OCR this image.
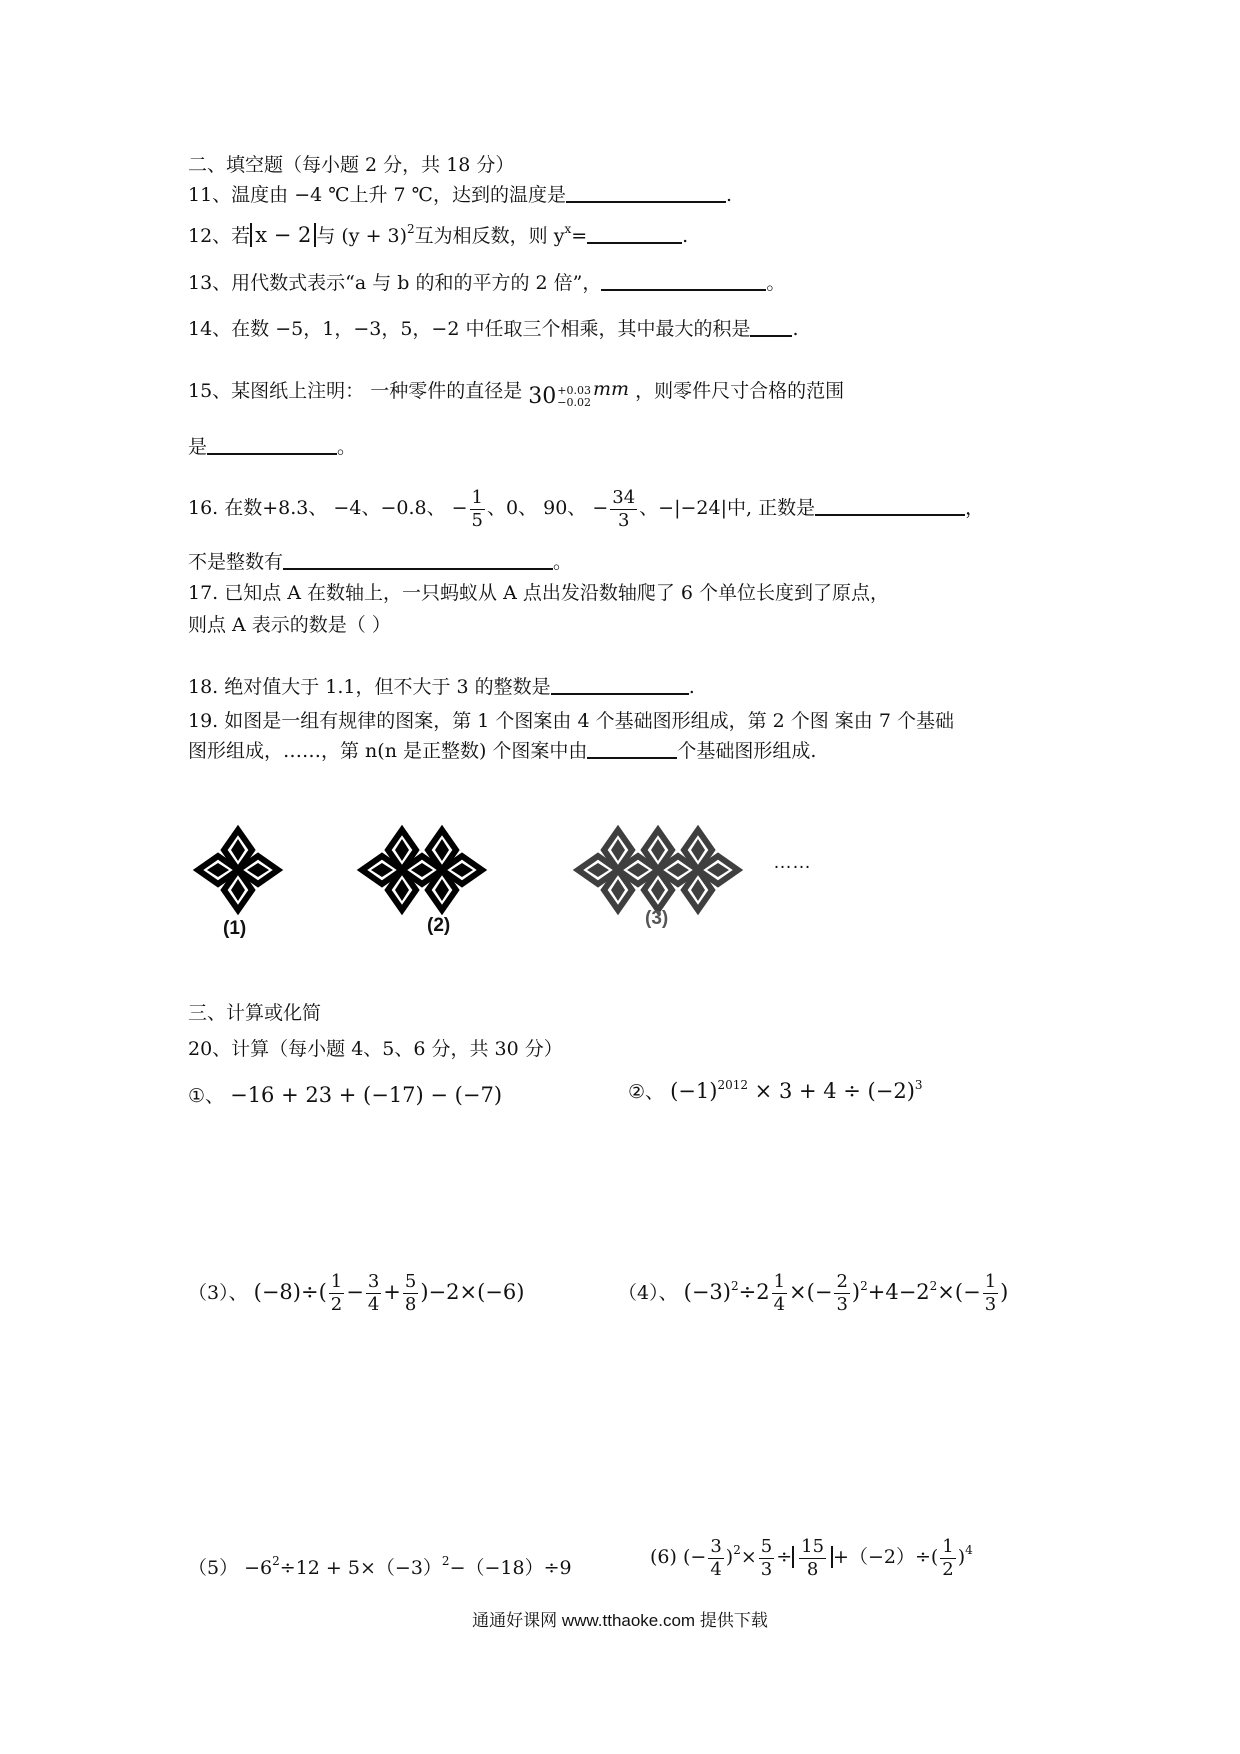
二、填空题（每小题 2 分，共 18 分）
11、温度由 −4 ℃上升 7 ℃，达到的温度是	.
12、若 x − 2 与 $(y + 3)^2$互为相反数，则 $y^x=$	.
13、用代数式表示“a 与 b 的和的平方的 2 倍”，	。
14、在数 −5，1，−3，5，−2 中任取三个相乘，其中最大的积是 .
15、某图纸上注明： 一种零件的直径是 30 +0.03
−0.02
mm ，则零件尺寸合格的范围
是	。
16. 在数+8.3、 −4、−0.8、 − $\frac{1}{5}$ 、0、 90、 − $\frac{34}{3}$ 、−|−24|中, 正数是	，
不是整数有	。
17. 已知点 A 在数轴上，一只蚂蚁从 A 点出发沿数轴爬了 6 个单位长度到了原点，
则点 A 表示的数是（ ）
18. 绝对值大于 1.1，但不大于 3 的整数是	.
19. 如图是一组有规律的图案，第 1 个图案由 4 个基础图形组成，第 2 个图 案由 7 个基础
图形组成，……，第 n(n 是正整数) 个图案中由	个基础图形组成.
(1)	(2)	(3)
……
三、计算或化简
20、计算（每小题 4、5、6 分，共 30 分）
①、 −16 + 23 + (−17) − (−7)	②、 $(-1)^{2012} \times 3 + 4 \div (-2)^3$
（3）、 $(-8)\div( \frac{1}{2} - \frac{3}{4} + \frac{5}{8} )-2\times(-6)$	（4）、 $(-3)^2\div 2 \frac{1}{4}$ ×(− $\frac{2}{3} )^2+4-2^2\times(- \frac{1}{3}$ )
$(5) -6^2\div 12 + 5\times(-3)^2-(-18)\div 9$	(6) (− $\frac{3}{4} )^2\times \frac{5}{3} \div \frac{15}{8} +(-2)\div( \frac{1}{2} )^4$
通通好课网 www.tthaoke.com 提供下载
